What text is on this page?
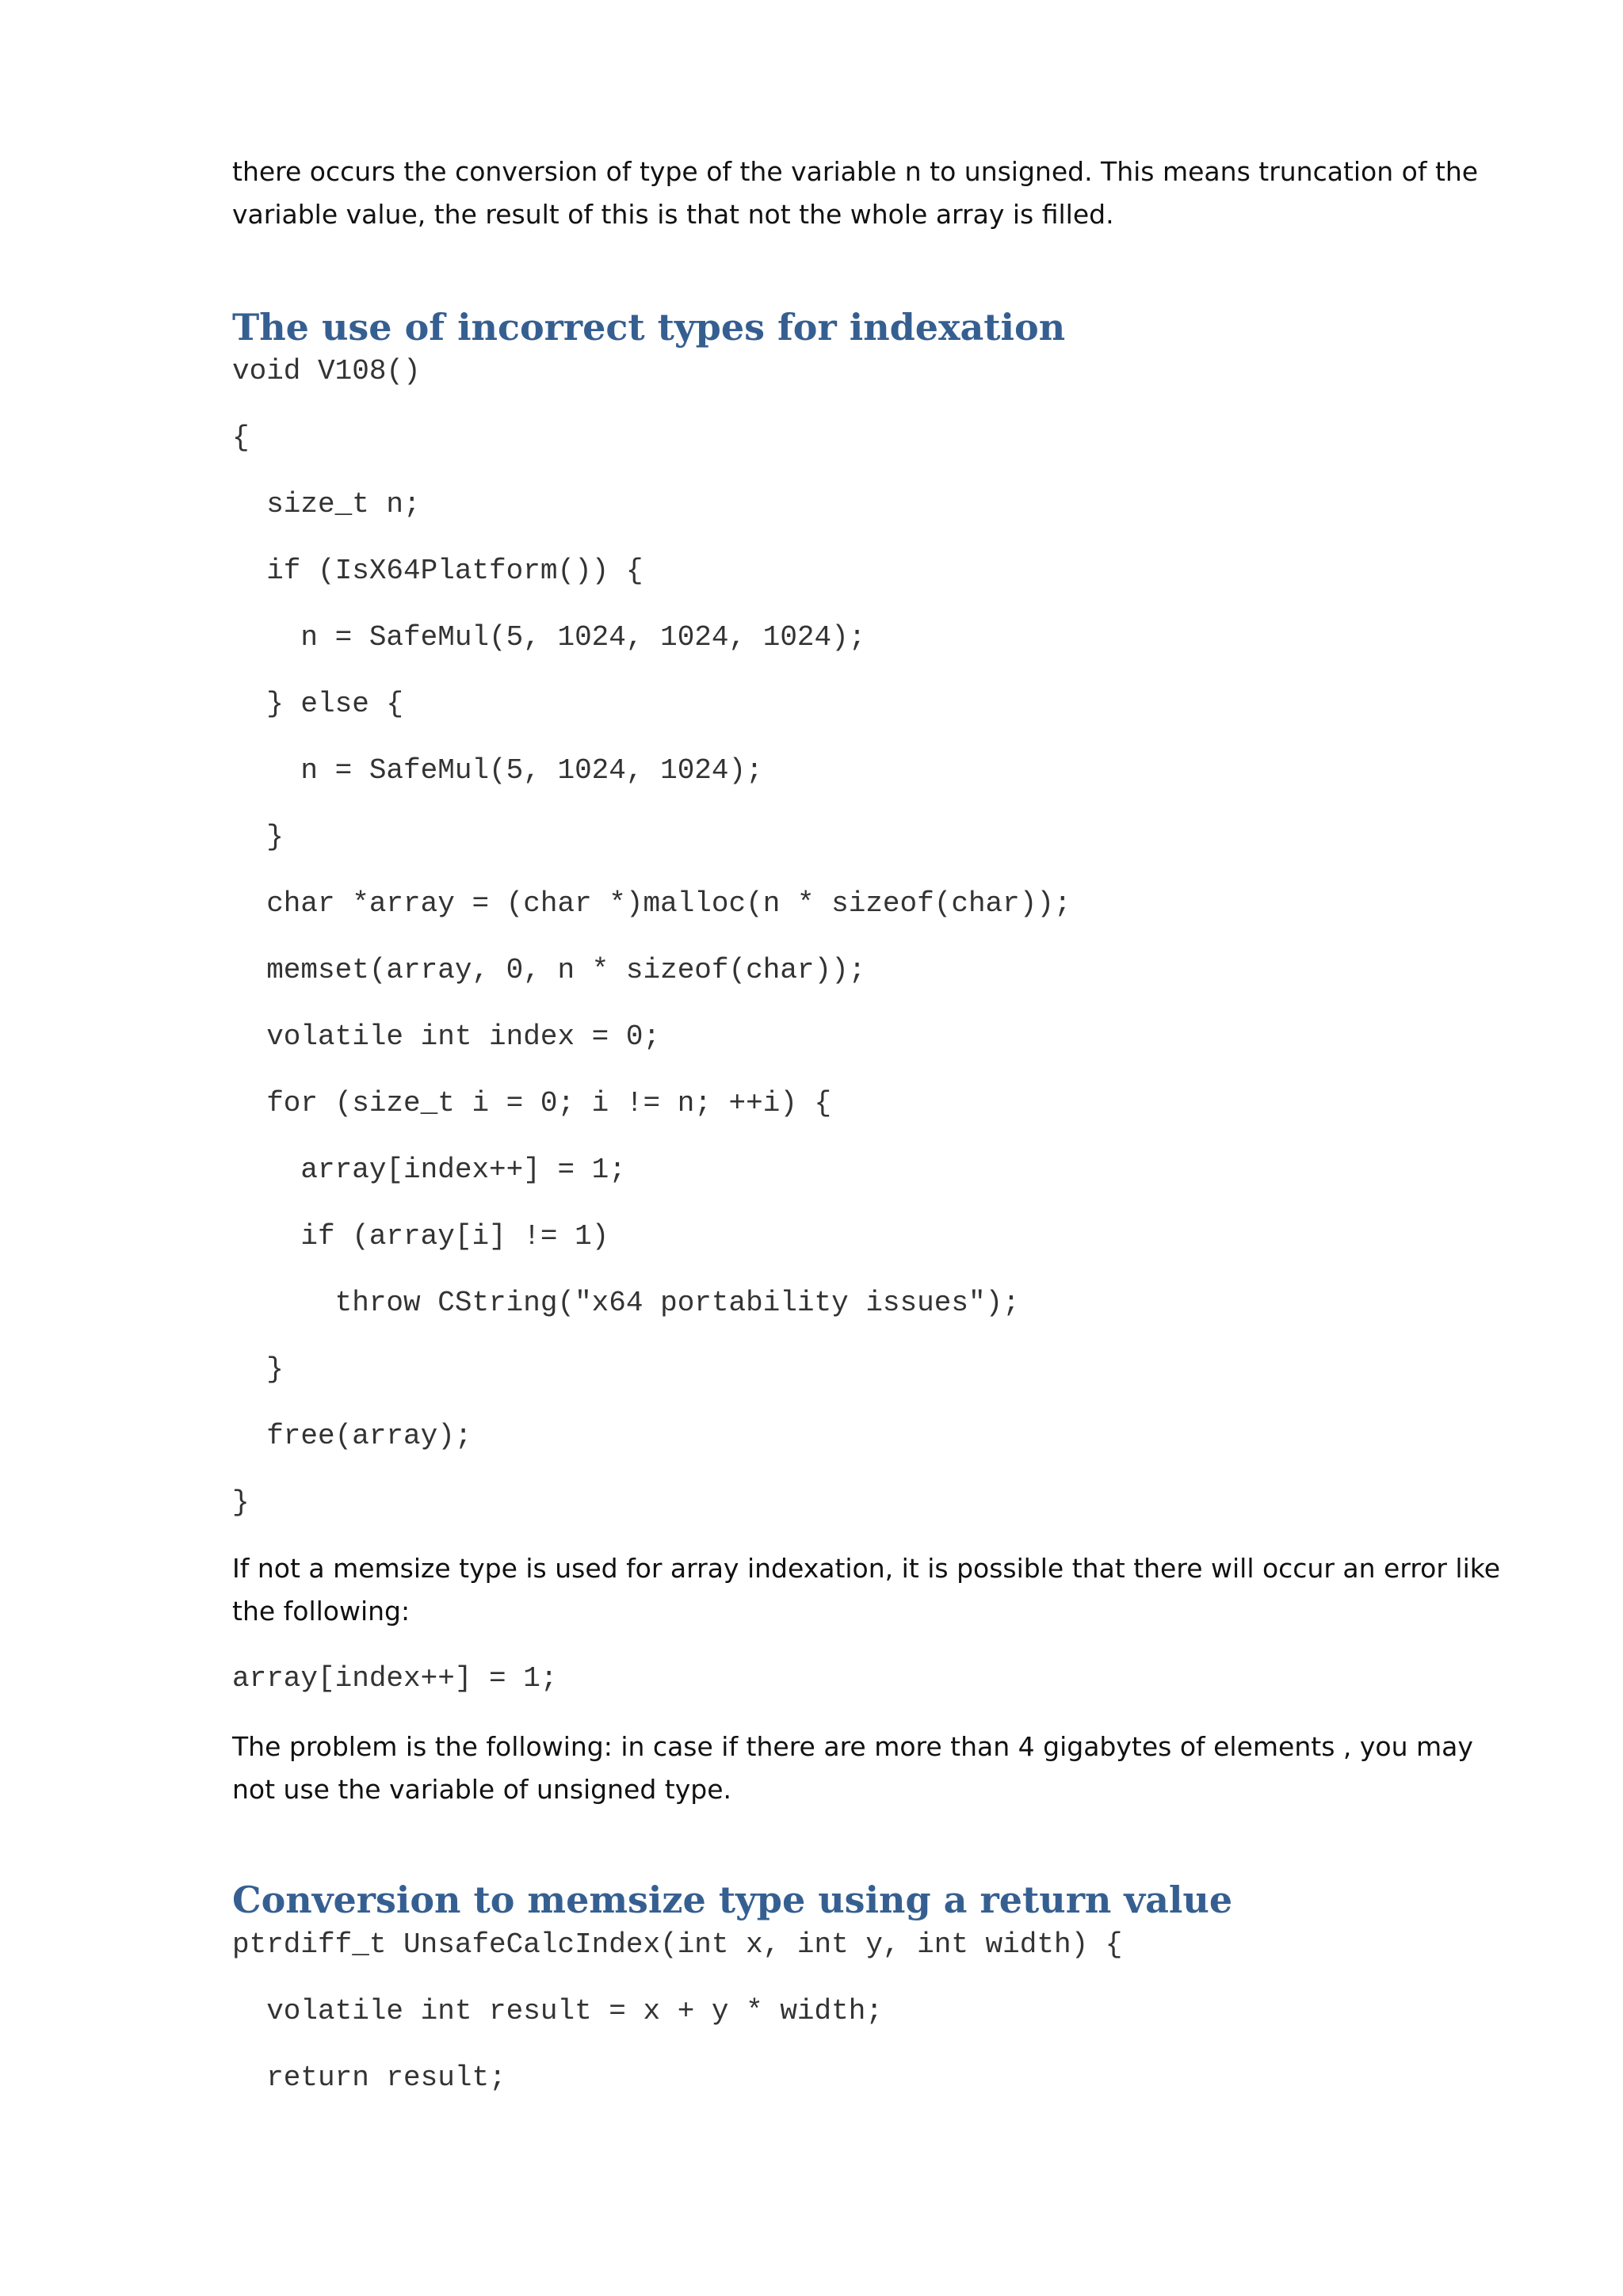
there occurs the conversion of type of the variable n to unsigned. This means truncation of the variable value, the result of this is that not the whole array is filled.

The use of incorrect types for indexation
void V108()
{
size_t n;
if (IsX64Platform()) {
n = SafeMul(5, 1024, 1024, 1024);
} else {
n = SafeMul(5, 1024, 1024);
}
char *array = (char *)malloc(n * sizeof(char));
memset(array, 0, n * sizeof(char));
volatile int index = 0;
for (size_t i = 0; i != n; ++i) {
array[index++] = 1;
if (array[i] != 1)
throw CString("x64 portability issues");
}
free(array);
}

If not a memsize type is used for array indexation, it is possible that there will occur an error like the following:

array[index++] = 1;

The problem is the following: in case if there are more than 4 gigabytes of elements , you may not use the variable of unsigned type.

Conversion to memsize type using a return value
ptrdiff_t UnsafeCalcIndex(int x, int y, int width) {
volatile int result = x + y * width;
return result;
